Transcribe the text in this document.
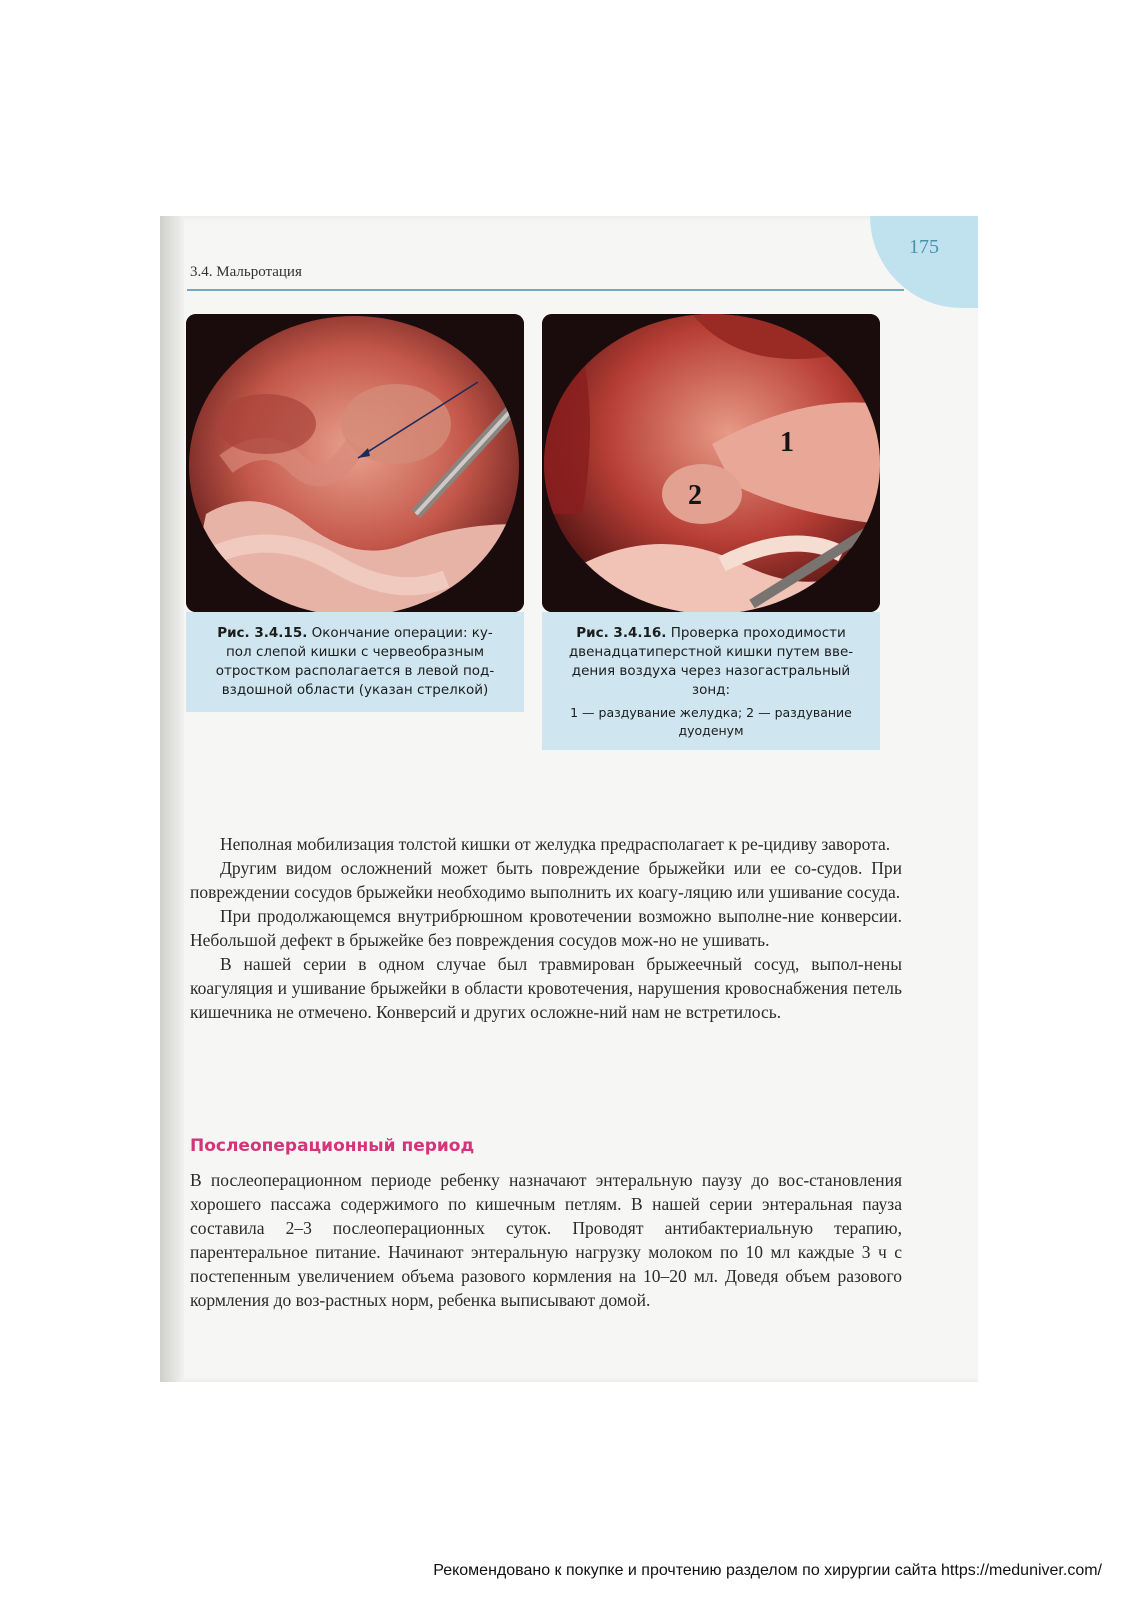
175
3.4. Мальротация
Рис. 3.4.15. Окончание операции: ку-
пол слепой кишки с червеобразным
отростком располагается в левой под-
вздошной области (указан стрелкой)
1
2
Рис. 3.4.16. Проверка проходимости
двенадцатиперстной кишки путем вве-
дения воздуха через назогастральный
зонд:
1 — раздувание желудка; 2 — раздувание
дуоденум

Неполная мобилизация толстой кишки от желудка предрасполагает к ре-цидиву заворота.

Другим видом осложнений может быть повреждение брыжейки или ее со-судов. При повреждении сосудов брыжейки необходимо выполнить их коагу-ляцию или ушивание сосуда.

При продолжающемся внутрибрюшном кровотечении возможно выполне-ние конверсии. Небольшой дефект в брыжейке без повреждения сосудов мож-но не ушивать.

В нашей серии в одном случае был травмирован брыжеечный сосуд, выпол-нены коагуляция и ушивание брыжейки в области кровотечения, нарушения кровоснабжения петель кишечника не отмечено. Конверсий и других осложне-ний нам не встретилось.

Послеоперационный период

В послеоперационном периоде ребенку назначают энтеральную паузу до вос-становления хорошего пассажа содержимого по кишечным петлям. В нашей серии энтеральная пауза составила 2–3 послеоперационных суток. Проводят антибактериальную терапию, парентеральное питание. Начинают энтеральную нагрузку молоком по 10 мл каждые 3 ч с постепенным увеличением объема разового кормления на 10–20 мл. Доведя объем разового кормления до воз-растных норм, ребенка выписывают домой.

Рекомендовано к покупке и прочтению разделом по хирургии сайта https://meduniver.com/
